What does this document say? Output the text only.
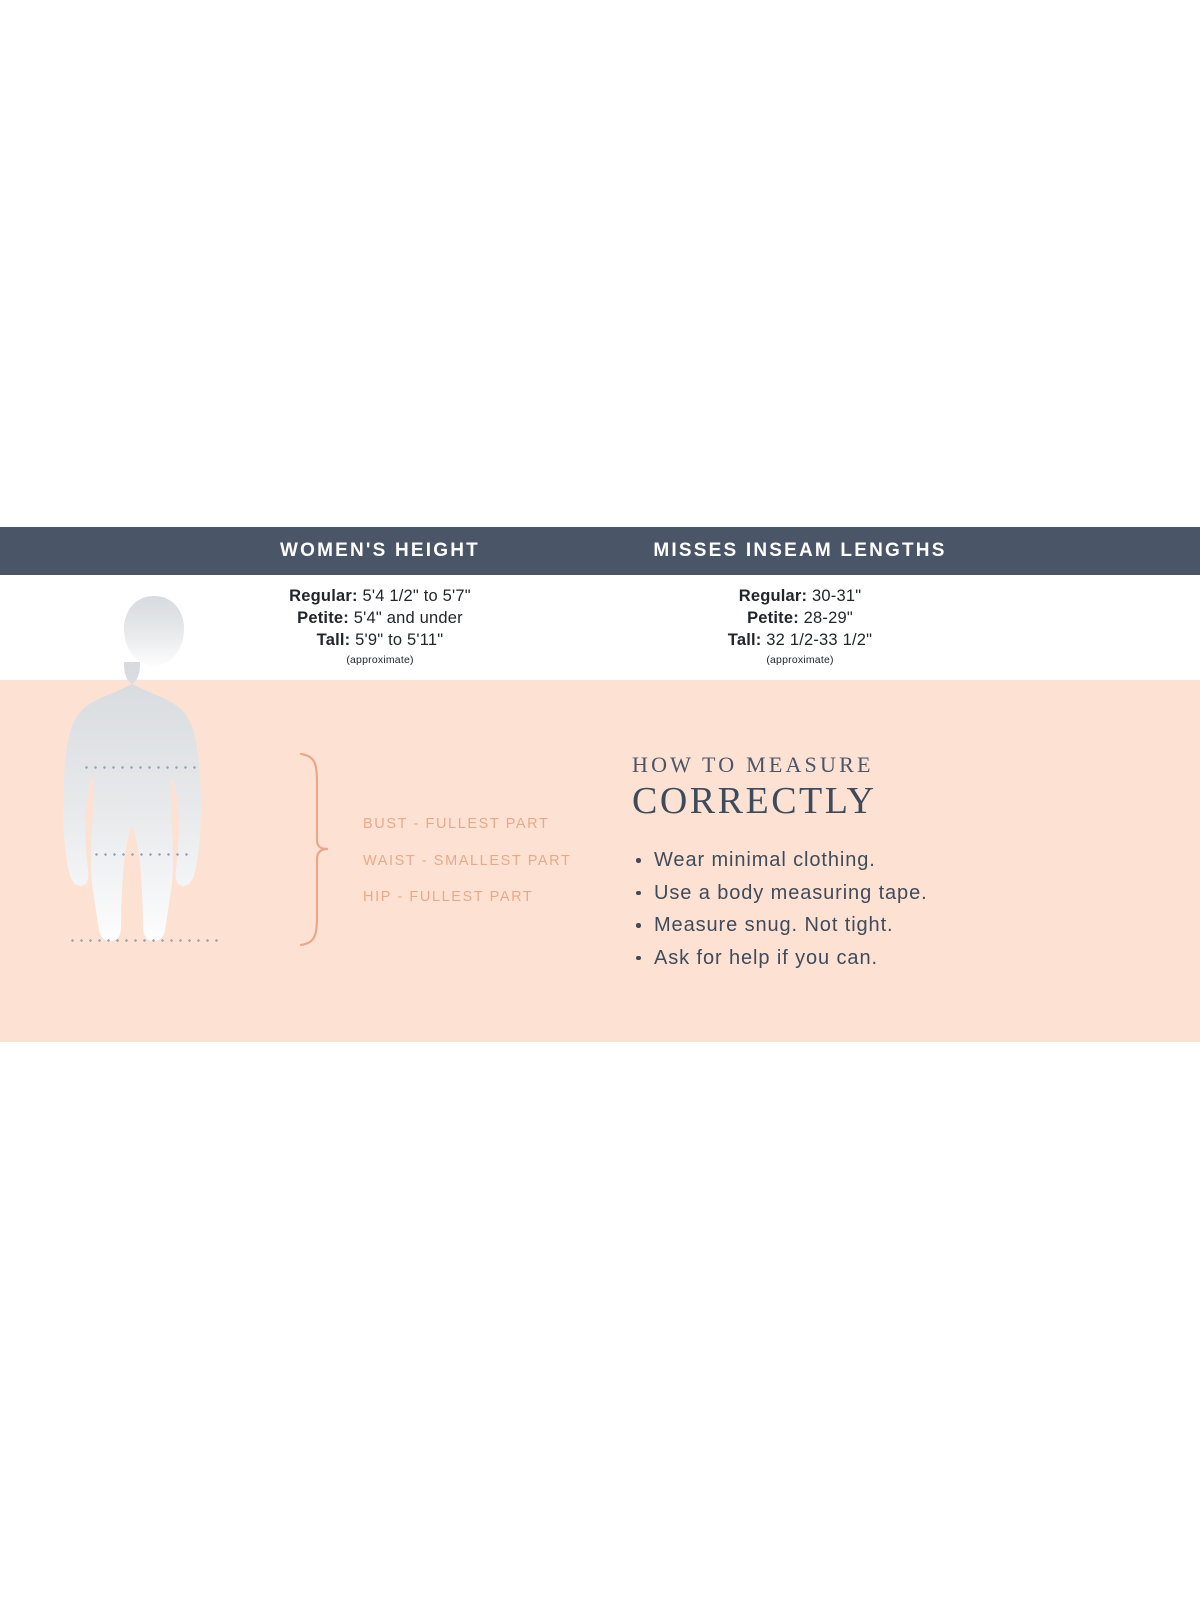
WOMEN'S HEIGHT	MISSES INSEAM LENGTHS
Regular: 5'4 1/2" to 5'7"
Petite: 5'4" and under
Tall: 5'9" to 5'11"
(approximate)
Regular: 30-31"
Petite: 28-29"
Tall: 32 1/2-33 1/2"
(approximate)
BUST - FULLEST PART
WAIST - SMALLEST PART
HIP - FULLEST PART
HOW TO MEASURE
CORRECTLY
Wear minimal clothing.
Use a body measuring tape.
Measure snug. Not tight.
Ask for help if you can.
